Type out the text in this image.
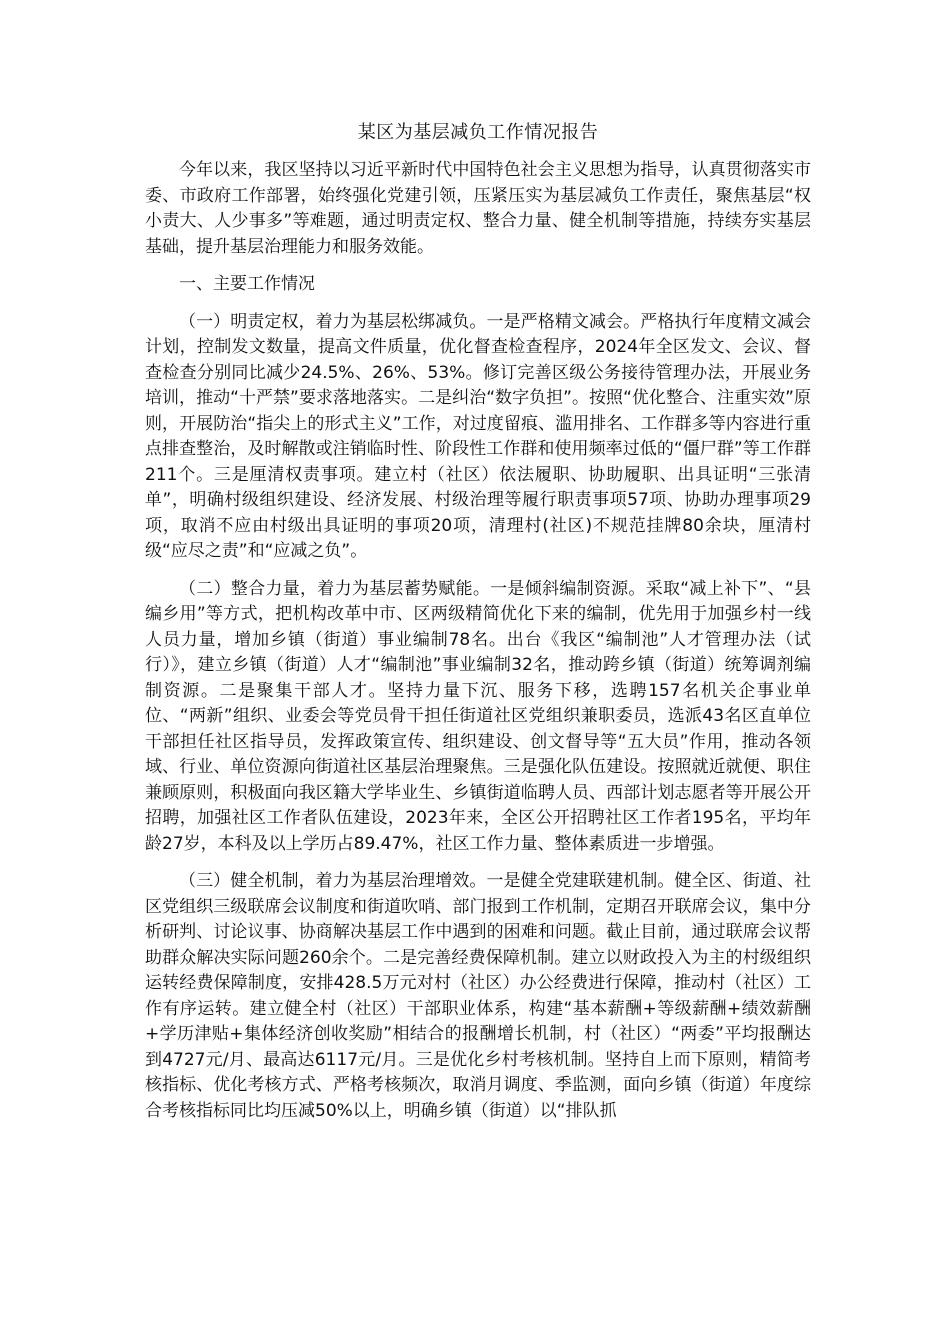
某区为基层减负工作情况报告

今年以来，我区坚持以习近平新时代中国特色社会主义思想为指导，认真贯彻落实市委、市政府工作部署，始终强化党建引领，压紧压实为基层减负工作责任，聚焦基层“权小责大、人少事多”等难题，通过明责定权、整合力量、健全机制等措施，持续夯实基层基础，提升基层治理能力和服务效能。

一、主要工作情况

（一）明责定权，着力为基层松绑减负。一是严格精文减会。严格执行年度精文减会计划，控制发文数量，提高文件质量，优化督查检查程序，2024年全区发文、会议、督查检查分别同比减少24.5%、26%、53%。修订完善区级公务接待管理办法，开展业务培训，推动“十严禁”要求落地落实。二是纠治“数字负担”。按照“优化整合、注重实效”原则，开展防治“指尖上的形式主义”工作，对过度留痕、滥用排名、工作群多等内容进行重点排查整治，及时解散或注销临时性、阶段性工作群和使用频率过低的“僵尸群”等工作群211个。三是厘清权责事项。建立村（社区）依法履职、协助履职、出具证明“三张清单”，明确村级组织建设、经济发展、村级治理等履行职责事项57项、协助办理事项29项，取消不应由村级出具证明的事项20项，清理村(社区)不规范挂牌80余块，厘清村级“应尽之责”和“应减之负”。

（二）整合力量，着力为基层蓄势赋能。一是倾斜编制资源。采取“减上补下”、“县编乡用”等方式，把机构改革中市、区两级精简优化下来的编制，优先用于加强乡村一线人员力量，增加乡镇（街道）事业编制78名。出台《我区“编制池”人才管理办法（试行）》，建立乡镇（街道）人才“编制池”事业编制32名，推动跨乡镇（街道）统筹调剂编制资源。二是聚集干部人才。坚持力量下沉、服务下移，选聘157名机关企事业单位、“两新”组织、业委会等党员骨干担任街道社区党组织兼职委员，选派43名区直单位干部担任社区指导员，发挥政策宣传、组织建设、创文督导等“五大员”作用，推动各领域、行业、单位资源向街道社区基层治理聚焦。三是强化队伍建设。按照就近就便、职住兼顾原则，积极面向我区籍大学毕业生、乡镇街道临聘人员、西部计划志愿者等开展公开招聘，加强社区工作者队伍建设，2023年来，全区公开招聘社区工作者195名，平均年龄27岁，本科及以上学历占89.47%，社区工作力量、整体素质进一步增强。

（三）健全机制，着力为基层治理增效。一是健全党建联建机制。健全区、街道、社区党组织三级联席会议制度和街道吹哨、部门报到工作机制，定期召开联席会议，集中分析研判、讨论议事、协商解决基层工作中遇到的困难和问题。截止目前，通过联席会议帮助群众解决实际问题260余个。二是完善经费保障机制。建立以财政投入为主的村级组织运转经费保障制度，安排428.5万元对村（社区）办公经费进行保障，推动村（社区）工作有序运转。建立健全村（社区）干部职业体系，构建“基本薪酬+等级薪酬+绩效薪酬+学历津贴+集体经济创收奖励”相结合的报酬增长机制，村（社区）“两委”平均报酬达到4727元/月、最高达6117元/月。三是优化乡村考核机制。坚持自上而下原则，精简考核指标、优化考核方式、严格考核频次，取消月调度、季监测，面向乡镇（街道）年度综合考核指标同比均压减50%以上，明确乡镇（街道）以“排队抓
